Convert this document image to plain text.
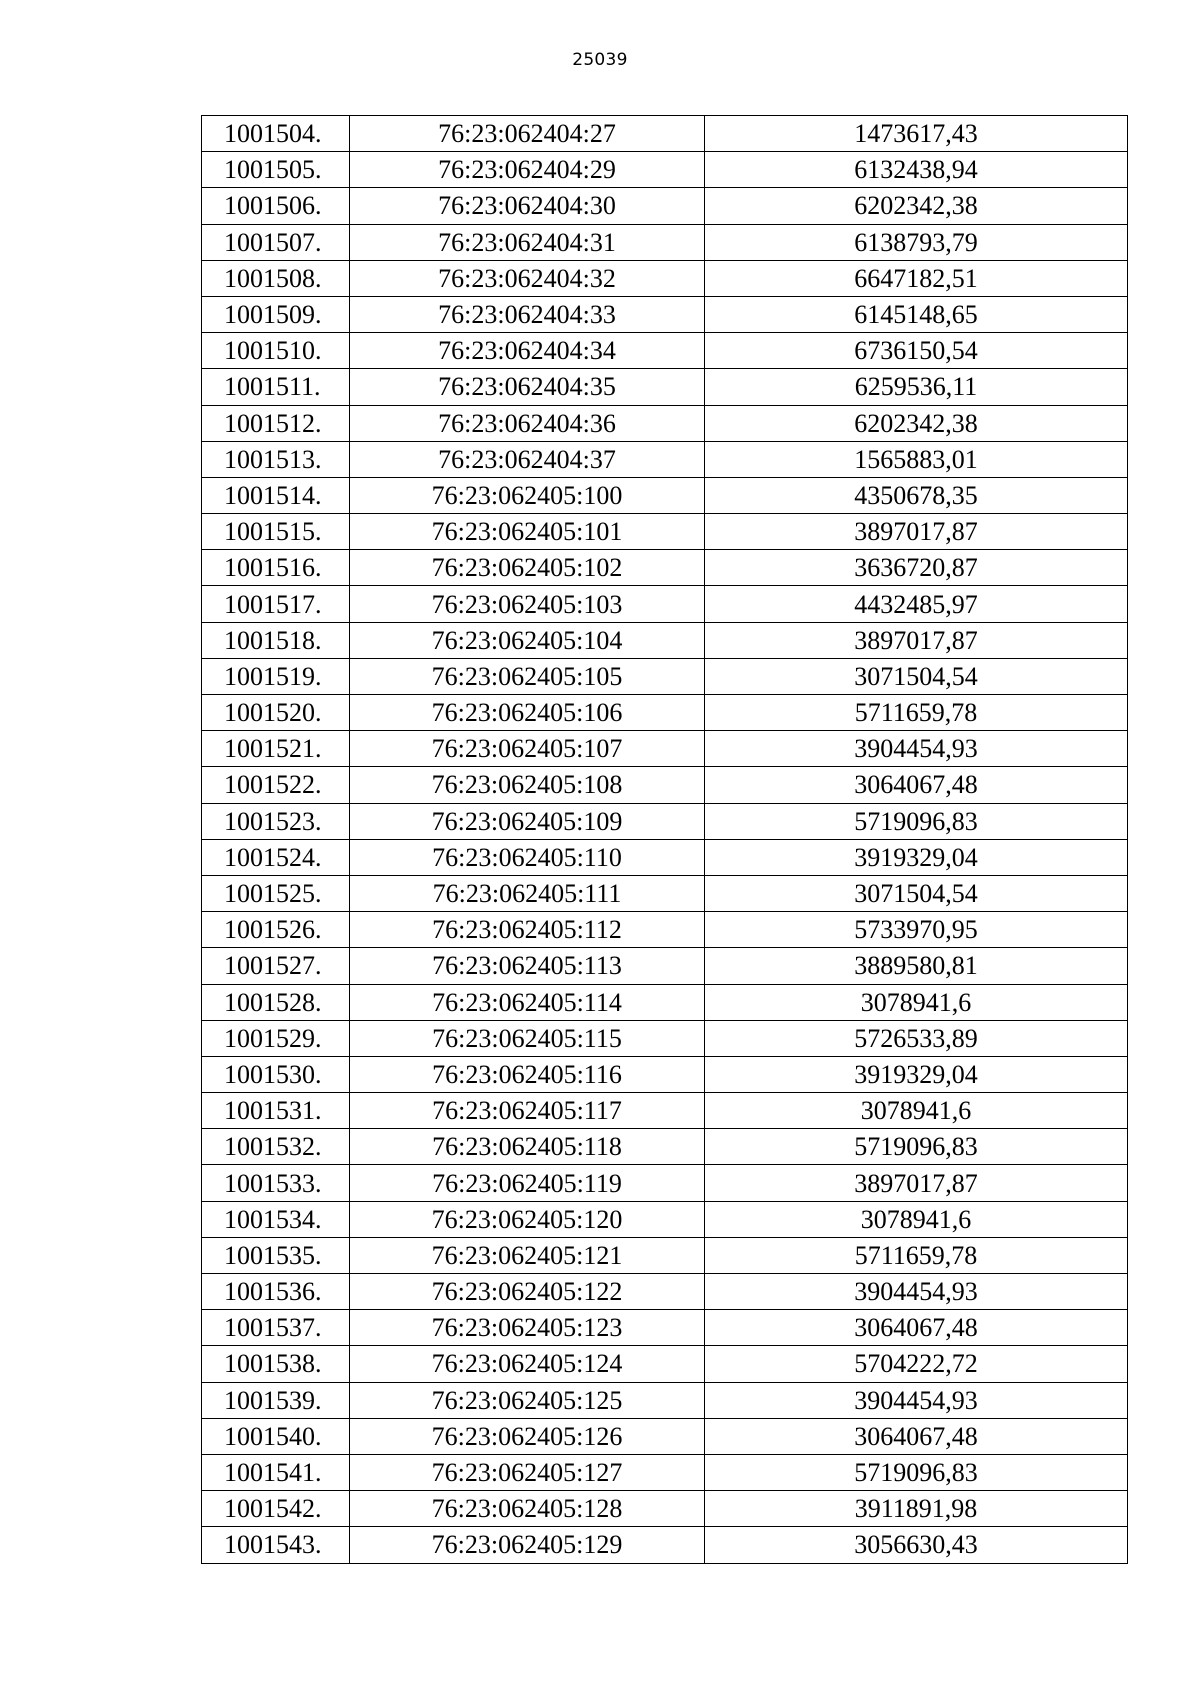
25039
1001504.	76:23:062404:27	1473617,43
1001505.	76:23:062404:29	6132438,94
1001506.	76:23:062404:30	6202342,38
1001507.	76:23:062404:31	6138793,79
1001508.	76:23:062404:32	6647182,51
1001509.	76:23:062404:33	6145148,65
1001510.	76:23:062404:34	6736150,54
1001511.	76:23:062404:35	6259536,11
1001512.	76:23:062404:36	6202342,38
1001513.	76:23:062404:37	1565883,01
1001514.	76:23:062405:100	4350678,35
1001515.	76:23:062405:101	3897017,87
1001516.	76:23:062405:102	3636720,87
1001517.	76:23:062405:103	4432485,97
1001518.	76:23:062405:104	3897017,87
1001519.	76:23:062405:105	3071504,54
1001520.	76:23:062405:106	5711659,78
1001521.	76:23:062405:107	3904454,93
1001522.	76:23:062405:108	3064067,48
1001523.	76:23:062405:109	5719096,83
1001524.	76:23:062405:110	3919329,04
1001525.	76:23:062405:111	3071504,54
1001526.	76:23:062405:112	5733970,95
1001527.	76:23:062405:113	3889580,81
1001528.	76:23:062405:114	3078941,6
1001529.	76:23:062405:115	5726533,89
1001530.	76:23:062405:116	3919329,04
1001531.	76:23:062405:117	3078941,6
1001532.	76:23:062405:118	5719096,83
1001533.	76:23:062405:119	3897017,87
1001534.	76:23:062405:120	3078941,6
1001535.	76:23:062405:121	5711659,78
1001536.	76:23:062405:122	3904454,93
1001537.	76:23:062405:123	3064067,48
1001538.	76:23:062405:124	5704222,72
1001539.	76:23:062405:125	3904454,93
1001540.	76:23:062405:126	3064067,48
1001541.	76:23:062405:127	5719096,83
1001542.	76:23:062405:128	3911891,98
1001543.	76:23:062405:129	3056630,43
